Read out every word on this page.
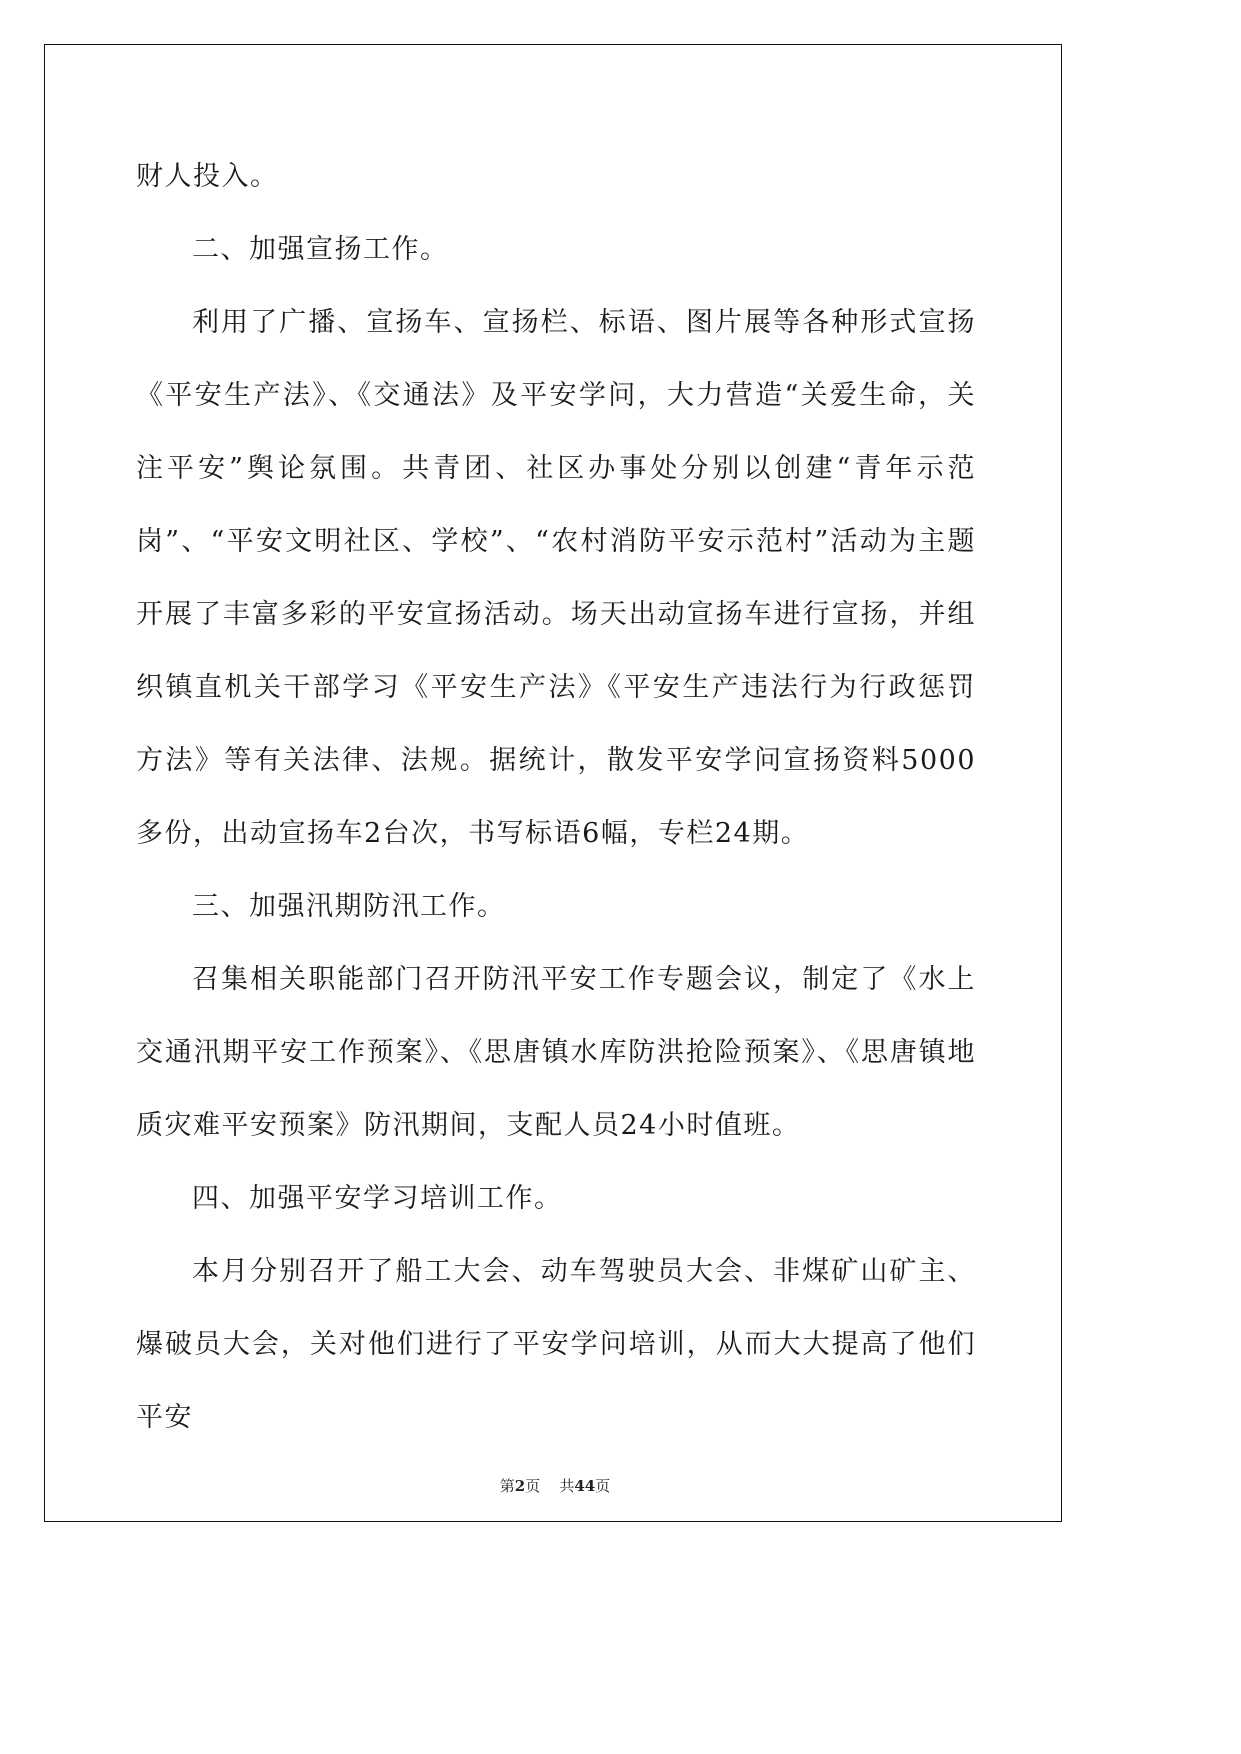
财人投入。

二、加强宣扬工作。

利用了广播、宣扬车、宣扬栏、标语、图片展等各种形式宣扬《平安生产法》、《交通法》及平安学问，大力营造“关爱生命，关注平安”舆论氛围。共青团、社区办事处分别以创建“青年示范岗”、“平安文明社区、学校”、“农村消防平安示范村”活动为主题开展了丰富多彩的平安宣扬活动。场天出动宣扬车进行宣扬，并组织镇直机关干部学习《平安生产法》《平安生产违法行为行政惩罚方法》等有关法律、法规。据统计，散发平安学问宣扬资料5000多份，出动宣扬车2台次，书写标语6幅，专栏24期。

三、加强汛期防汛工作。

召集相关职能部门召开防汛平安工作专题会议，制定了《水上交通汛期平安工作预案》、《思唐镇水库防洪抢险预案》、《思唐镇地质灾难平安预案》防汛期间，支配人员24小时值班。

四、加强平安学习培训工作。

本月分别召开了船工大会、动车驾驶员大会、非煤矿山矿主、爆破员大会，关对他们进行了平安学问培训，从而大大提高了他们平安

第2页 共44页
